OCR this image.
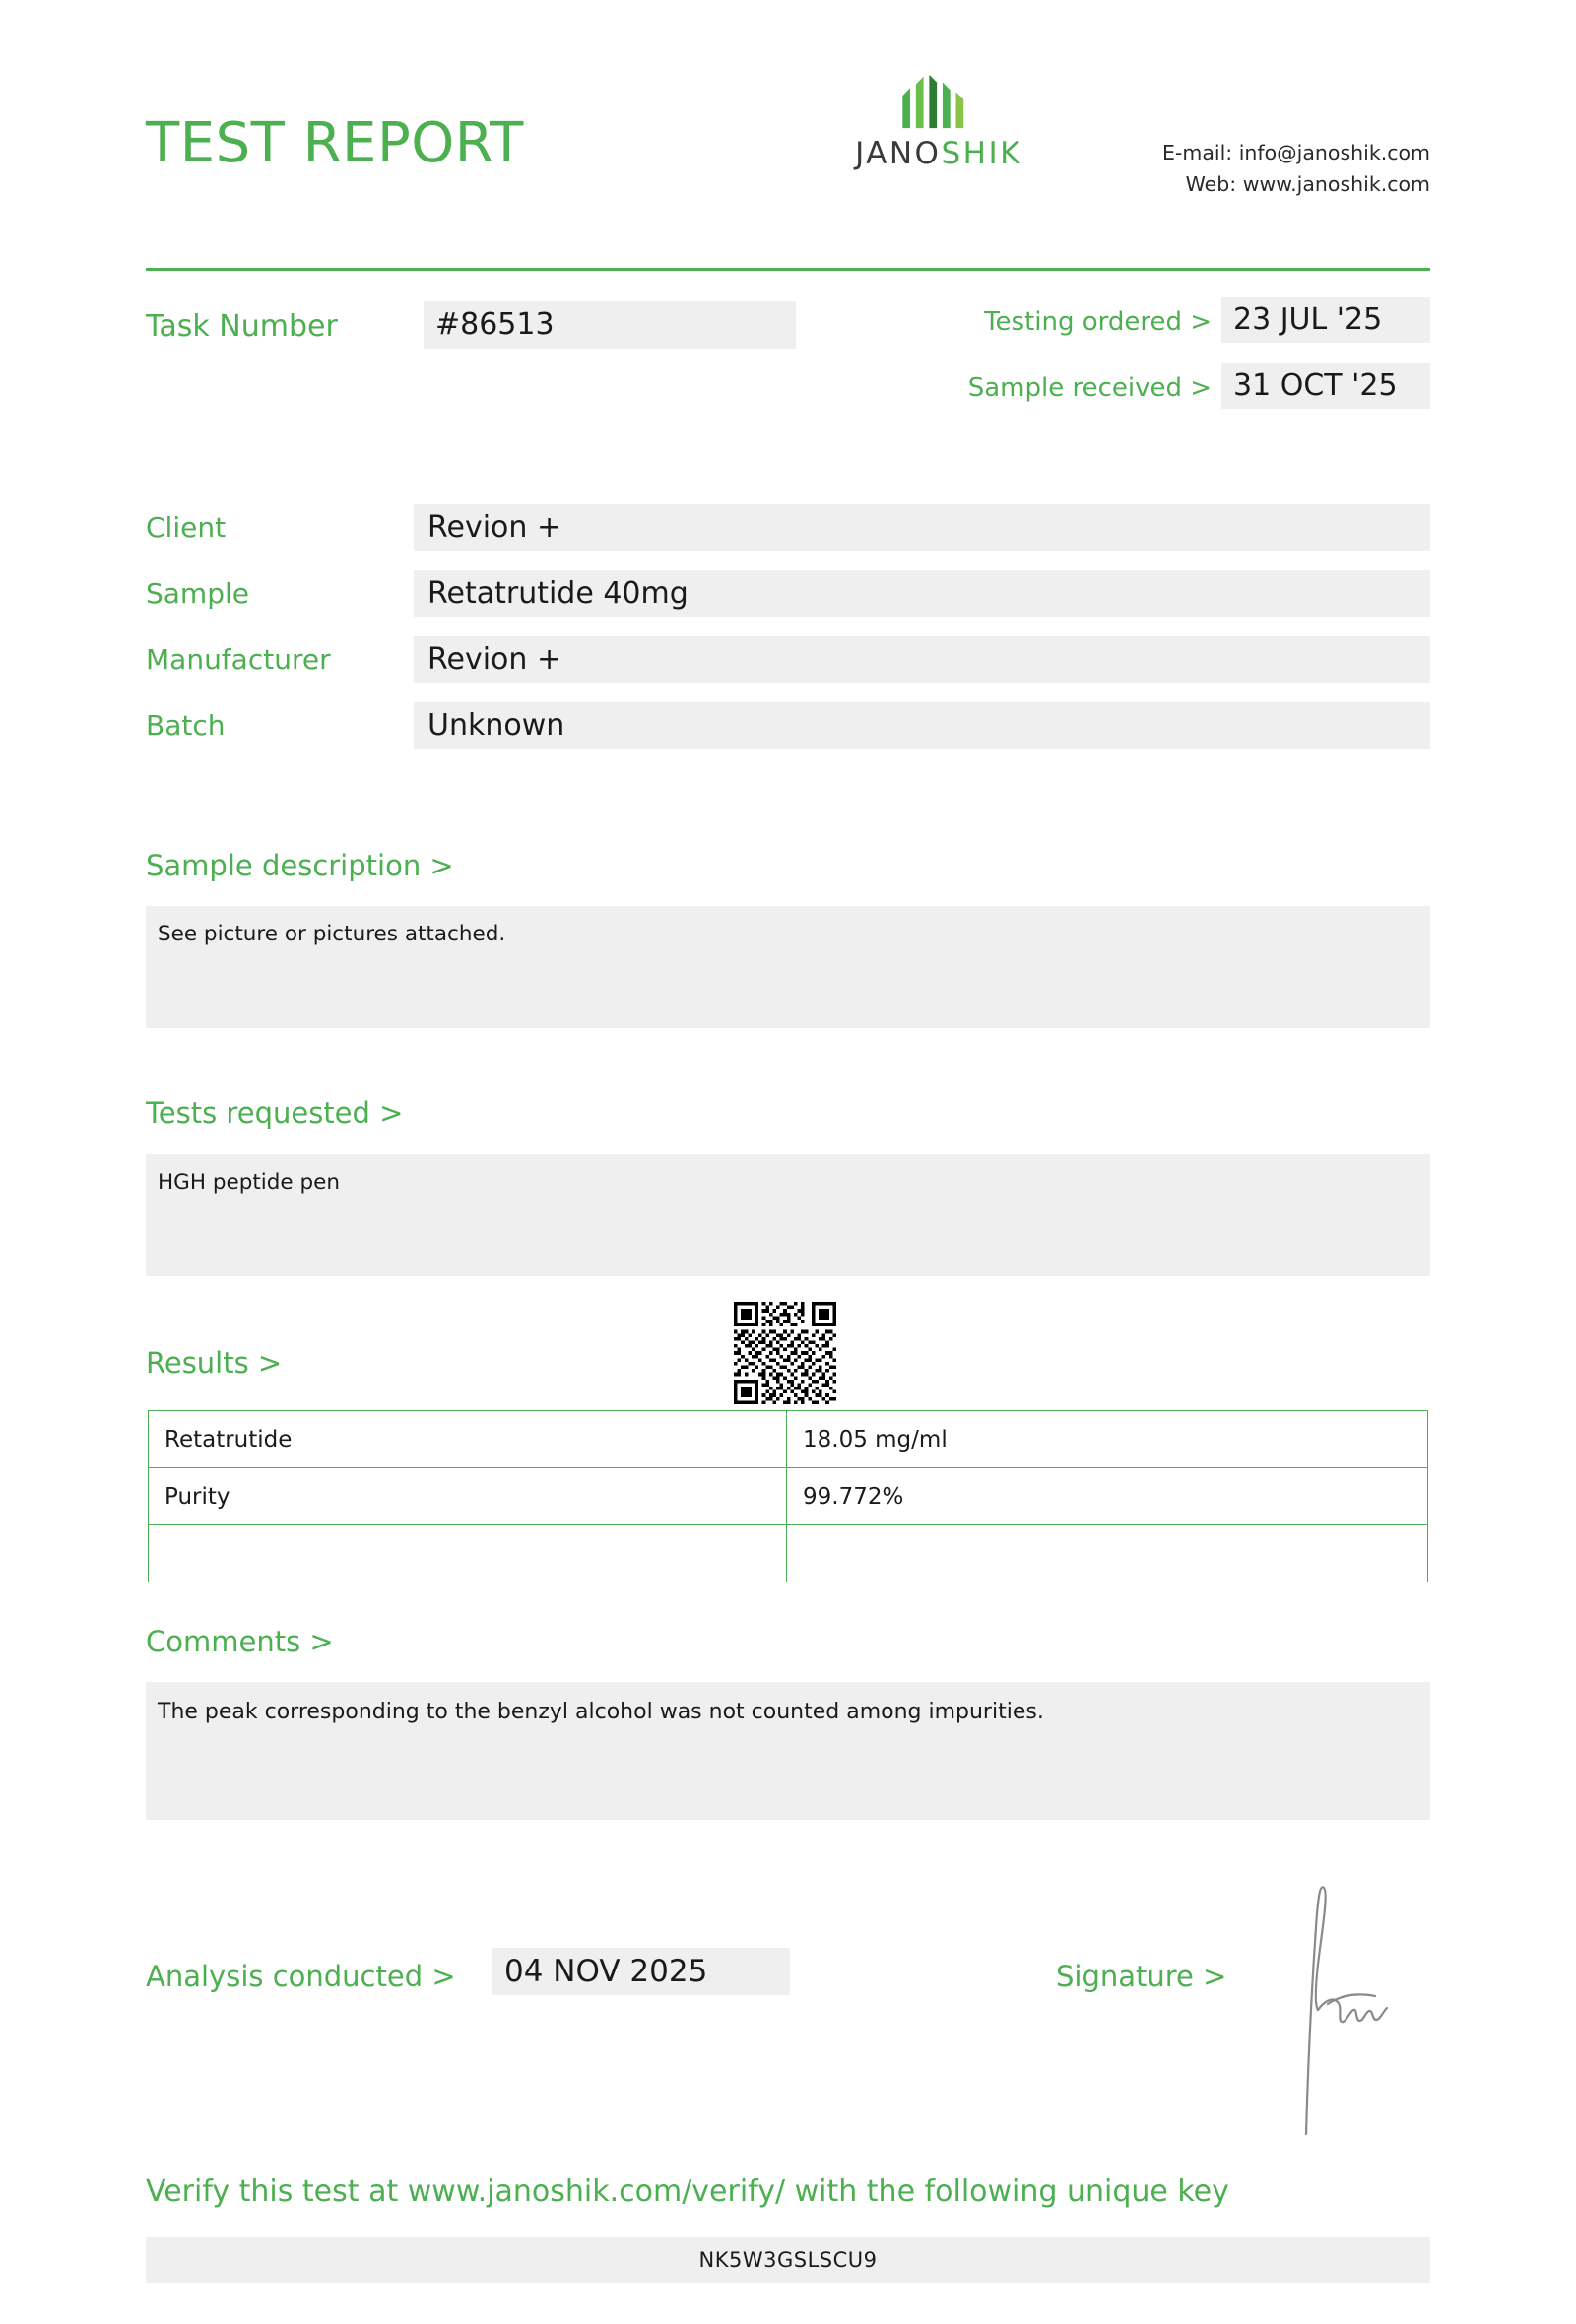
TEST REPORT	JANOSHIK	E-mail: info@janoshik.com
Web: www.janoshik.com
Task Number	#86513	Testing ordered > 23 JUL '25
Sample received > 31 OCT '25
Client	Revion +
Sample	Retatrutide 40mg
Manufacturer	Revion +
Batch	Unknown
Sample description >
See picture or pictures attached.
Tests requested >
HGH peptide pen
Results >
Retatrutide	18.05 mg/ml
Purity	99.772%

Comments >
The peak corresponding to the benzyl alcohol was not counted among impurities.
Analysis conducted >	04 NOV 2025	Signature >
Verify this test at www.janoshik.com/verify/ with the following unique key
NK5W3GSLSCU9
